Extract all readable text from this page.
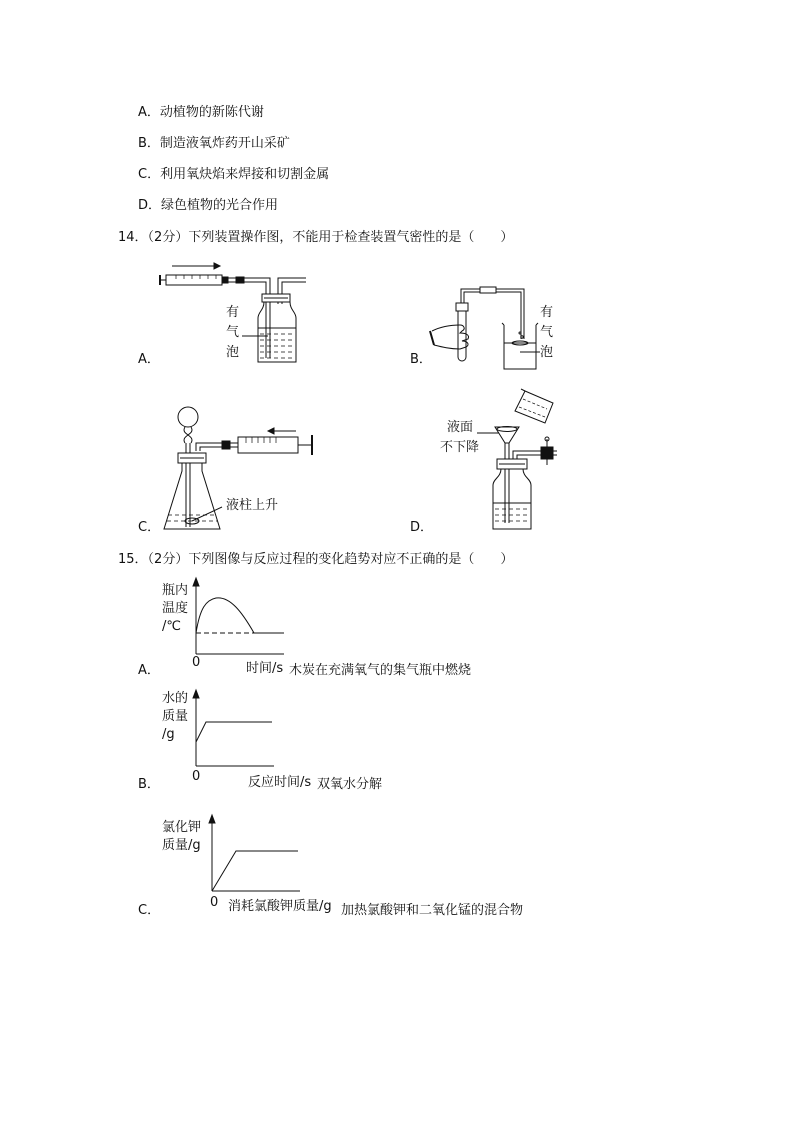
A．动植物的新陈代谢
B．制造液氧炸药开山采矿
C．利用氧炔焰来焊接和切割金属
D．绿色植物的光合作用
14．（2分）下列装置操作图，不能用于检查装置气密性的是（　　）
A．	B．
C．	D．
有
气
泡
有
气
泡
液柱上升
液面
不下降
15．（2分）下列图像与反应过程的变化趋势对应不正确的是（　　）
A．
瓶内
温度
/℃
0	时间/s 木炭在充满氧气的集气瓶中燃烧
B．
水的
质量
/g
0	反应时间/s 双氧水分解
C．
氯化钾
质量/g
0 消耗氯酸钾质量/g 加热氯酸钾和二氧化锰的混合物
